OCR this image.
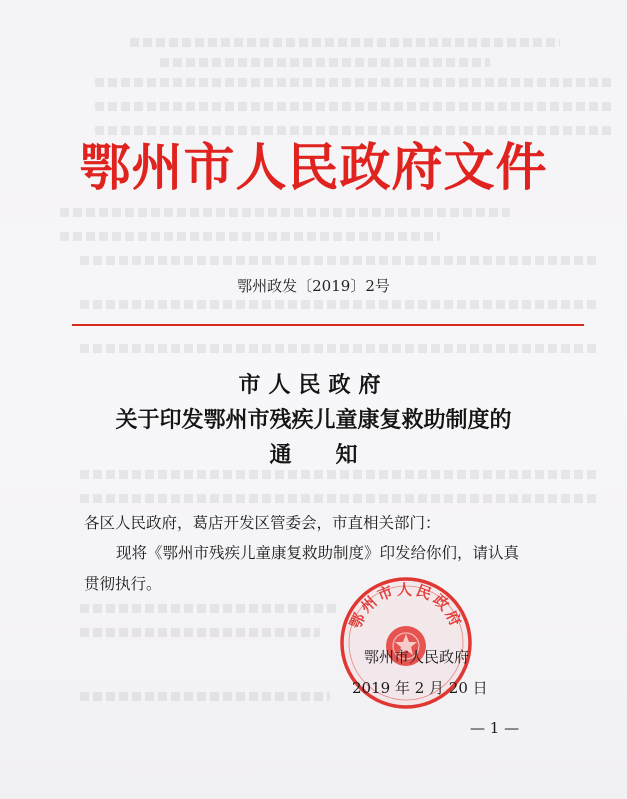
鄂州市人民政府文件
鄂州政发〔2019〕2号
市人民政府
关于印发鄂州市残疾儿童康复救助制度的
通知
各区人民政府，葛店开发区管委会，市直相关部门：
现将《鄂州市残疾儿童康复救助制度》印发给你们，请认真
贯彻执行。
鄂州市人民政府
鄂州市人民政府
2019 年 2 月 20 日
— 1 —
